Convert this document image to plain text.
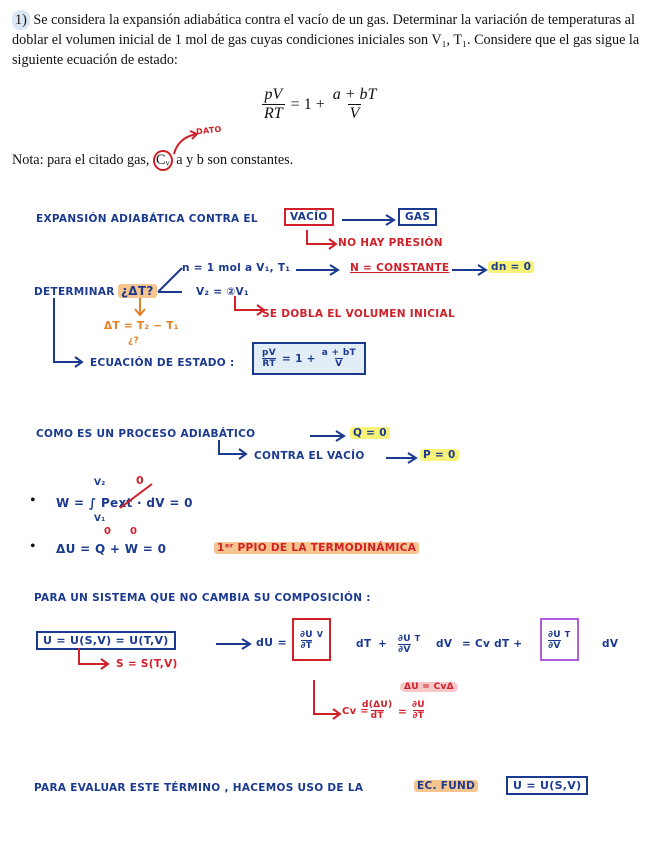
1) Se considera la expansión adiabática contra el vacío de un gas. Determinar la variación de temperaturas al doblar el volumen inicial de 1 mol de gas cuyas condiciones iniciales son V₁, T₁. Considere que el gas sigue la siguiente ecuación de estado:
$\frac{pV}{RT} = 1 + \frac{a + bT}{V}$
DATO
Nota: para el citado gas, Cᵥ a y b son constantes.
EXPANSIÓN ADIABÁTICA CONTRA EL	VACÍO	GAS
NO HAY PRESIÓN
n = 1 mol a V₁, T₁	N = CONSTANTE	dn = 0
DETERMINAR ¿ΔT?	V₂ = ②V₁
SE DOBLA EL VOLUMEN INICIAL
ΔT = T₂ − T₁
¿?
ECUACIÓN DE ESTADO :	$\frac{pV}{RT} = 1 + \frac{a + bT}{V}$
COMO ES UN PROCESO ADIABÁTICO	Q = 0
CONTRA EL VACÍO	P = 0
•
V₂
W = ∫ Pext · dV = 0
V₁
0
• ΔU = Q + W = 0
0 0
1ᵉʳ PPIO DE LA TERMODINÁMICA
PARA UN SISTEMA QUE NO CAMBIA SU COMPOSICIÓN :
U = U(S,V) = U(T,V)
S = S(T,V)
dU = $\frac{\partial U}{\partial T}$ V
dT + $\frac{\partial U}{\partial V}$ T	dV = Cv dT +	$\frac{\partial U}{\partial V}$ T
dV
ΔU = CvΔ
Cv =
$\frac{d(\Delta U)}{dT} = \frac{\partial U}{\partial T}$
PARA EVALUAR ESTE TÉRMINO , HACEMOS USO DE LA	EC. FUND	U = U(S,V)
